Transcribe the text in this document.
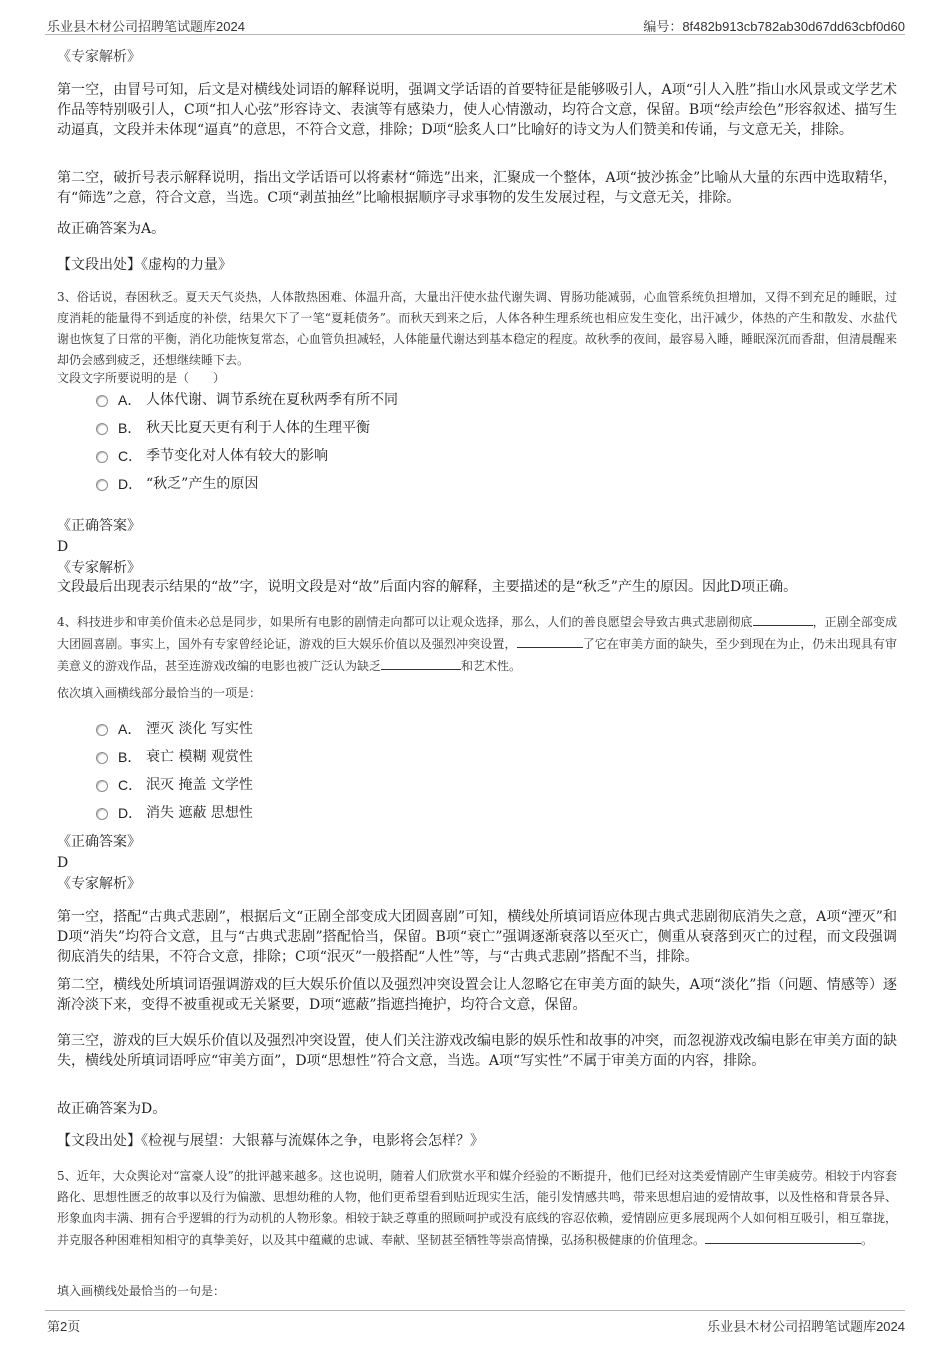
乐业县木材公司招聘笔试题库2024	编号：8f482b913cb782ab30d67dd63cbf0d60
《专家解析》
第一空，由冒号可知，后文是对横线处词语的解释说明，强调文学话语的首要特征是能够吸引人，A项“引人入胜”指山水风景或文学艺术作品等特别吸引人，C项“扣人心弦”形容诗文、表演等有感染力，使人心情激动，均符合文意，保留。B项“绘声绘色”形容叙述、描写生动逼真，文段并未体现“逼真”的意思，不符合文意，排除；D项“脍炙人口”比喻好的诗文为人们赞美和传诵，与文意无关，排除。
第二空，破折号表示解释说明，指出文学话语可以将素材“筛选”出来，汇聚成一个整体，A项“披沙拣金”比喻从大量的东西中选取精华，有“筛选”之意，符合文意，当选。C项“剥茧抽丝”比喻根据顺序寻求事物的发生发展过程，与文意无关，排除。
故正确答案为A。
【文段出处】《虚构的力量》
3、俗话说，春困秋乏。夏天天气炎热，人体散热困难、体温升高，大量出汗使水盐代谢失调、胃肠功能减弱，心血管系统负担增加，又得不到充足的睡眠，过度消耗的能量得不到适度的补偿，结果欠下了一笔“夏耗债务”。而秋天到来之后，人体各种生理系统也相应发生变化，出汗减少，体热的产生和散发、水盐代谢也恢复了日常的平衡，消化功能恢复常态，心血管负担减轻，人体能量代谢达到基本稳定的程度。故秋季的夜间，最容易入睡，睡眠深沉而香甜，但清晨醒来却仍会感到疲乏，还想继续睡下去。
文段文字所要说明的是（　　）
A． 人体代谢、调节系统在夏秋两季有所不同
B． 秋天比夏天更有利于人体的生理平衡
C． 季节变化对人体有较大的影响
D． “秋乏”产生的原因
《正确答案》
D
《专家解析》
文段最后出现表示结果的“故”字，说明文段是对“故”后面内容的解释，主要描述的是“秋乏”产生的原因。因此D项正确。
4、科技进步和审美价值未必总是同步，如果所有电影的剧情走向都可以让观众选择，那么，人们的善良愿望会导致古典式悲剧彻底	，正剧全部变成大团圆喜剧。事实上，国外有专家曾经论证，游戏的巨大娱乐价值以及强烈冲突设置，	了它在审美方面的缺失，至少到现在为止，仍未出现具有审美意义的游戏作品，甚至连游戏改编的电影也被广泛认为缺乏	和艺术性。
依次填入画横线部分最恰当的一项是：
A． 湮灭 淡化 写实性
B． 衰亡 模糊 观赏性
C． 泯灭 掩盖 文学性
D． 消失 遮蔽 思想性
《正确答案》
D
《专家解析》
第一空，搭配“古典式悲剧”，根据后文“正剧全部变成大团圆喜剧”可知，横线处所填词语应体现古典式悲剧彻底消失之意，A项“湮灭”和D项“消失”均符合文意，且与“古典式悲剧”搭配恰当，保留。B项“衰亡”强调逐渐衰落以至灭亡，侧重从衰落到灭亡的过程，而文段强调彻底消失的结果，不符合文意，排除；C项“泯灭”一般搭配“人性”等，与“古典式悲剧”搭配不当，排除。
第二空，横线处所填词语强调游戏的巨大娱乐价值以及强烈冲突设置会让人忽略它在审美方面的缺失，A项“淡化”指（问题、情感等）逐渐冷淡下来，变得不被重视或无关紧要，D项“遮蔽”指遮挡掩护，均符合文意，保留。
第三空，游戏的巨大娱乐价值以及强烈冲突设置，使人们关注游戏改编电影的娱乐性和故事的冲突，而忽视游戏改编电影在审美方面的缺失，横线处所填词语呼应“审美方面”，D项“思想性”符合文意，当选。A项“写实性”不属于审美方面的内容，排除。
故正确答案为D。
【文段出处】《检视与展望：大银幕与流媒体之争，电影将会怎样？》
5、近年，大众舆论对“富豪人设”的批评越来越多。这也说明，随着人们欣赏水平和媒介经验的不断提升，他们已经对这类爱情剧产生审美疲劳。相较于内容套路化、思想性匮乏的故事以及行为偏激、思想幼稚的人物，他们更希望看到贴近现实生活，能引发情感共鸣，带来思想启迪的爱情故事，以及性格和背景各异、形象血肉丰满、拥有合乎逻辑的行为动机的人物形象。相较于缺乏尊重的照顾呵护或没有底线的容忍依赖，爱情剧应更多展现两个人如何相互吸引，相互靠拢，并克服各种困难相知相守的真挚美好，以及其中蕴藏的忠诚、奉献、坚韧甚至牺牲等崇高情操，弘扬积极健康的价值理念。	。
填入画横线处最恰当的一句是：
第2页	乐业县木材公司招聘笔试题库2024
